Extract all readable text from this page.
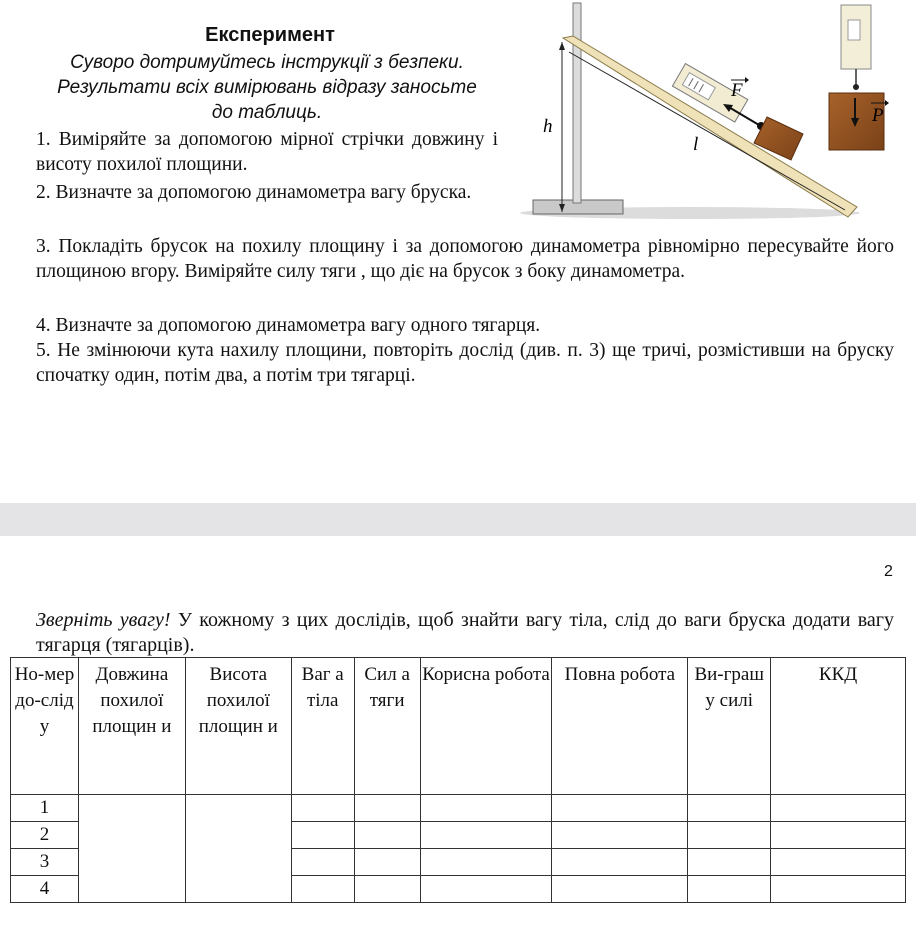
Експеримент
Суворо дотримуйтесь інструкції з безпеки.
Результати всіх вимірювань відразу заносьте
до таблиць.
1. Виміряйте за допомогою мірної стрічки довжину і висоту похилої площини.
2. Визначте за допомогою динамометра вагу бруска.
3. Покладіть брусок на похилу площину і за допомогою динамометра рівномірно пересувайте його площиною вгору. Виміряйте силу тяги , що діє на брусок з боку динамометра.
4. Визначте за допомогою динамометра вагу одного тягарця.
5. Не змінюючи кута нахилу площини, повторіть дослід (див. п. 3) ще тричі, розмістивши на бруску спочатку один, потім два, а потім три тягарці.
h
l
F
P
2
Зверніть увагу! У кожному з цих дослідів, щоб знайти вагу тіла, слід до ваги бруска додати вагу тягарця (тягарців).
Но-мер до-слід у	Довжина похилої площин и	Висота похилої площин и	Ваг а тіла	Сил а тяги	Корисна робота	Повна робота	Ви-граш у силі	ККД
1								
2								
3								
4								
